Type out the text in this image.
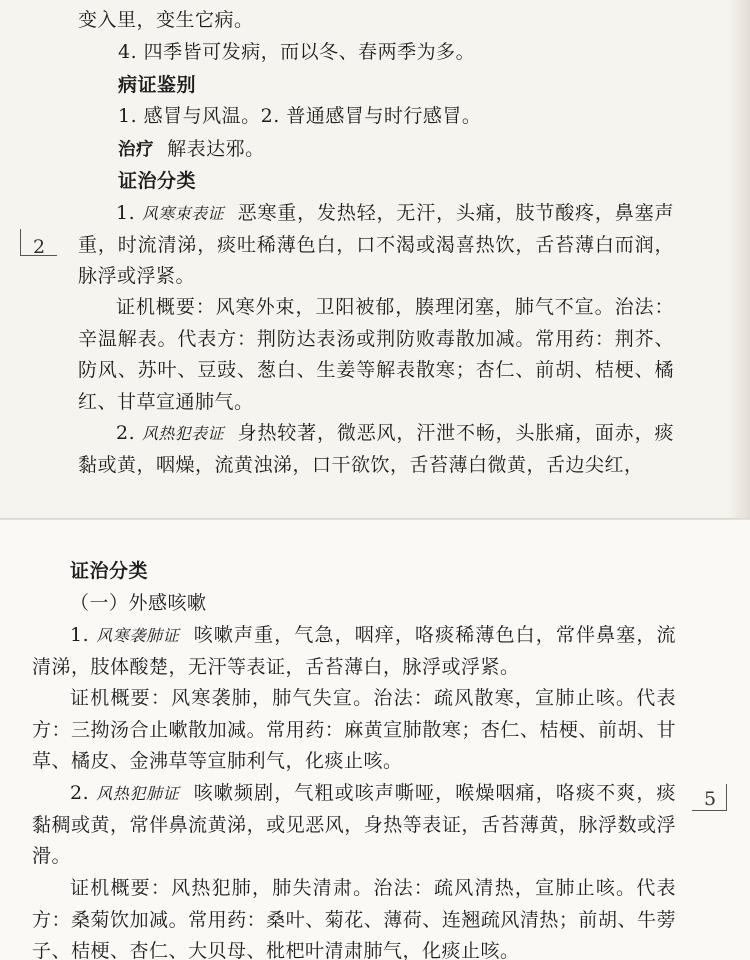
变入里，变生它病。

4. 四季皆可发病，而以冬、春两季为多。

病证鉴别

1. 感冒与风温。2. 普通感冒与时行感冒。

治疗 解表达邪。

证治分类

1. 风寒束表证 恶寒重，发热轻，无汗，头痛，肢节酸疼，鼻塞声重，时流清涕，痰吐稀薄色白，口不渴或渴喜热饮，舌苔薄白而润，脉浮或浮紧。

证机概要：风寒外束，卫阳被郁，腠理闭塞，肺气不宣。治法：辛温解表。代表方：荆防达表汤或荆防败毒散加减。常用药：荆芥、防风、苏叶、豆豉、葱白、生姜等解表散寒；杏仁、前胡、桔梗、橘红、甘草宣通肺气。

2. 风热犯表证 身热较著，微恶风，汗泄不畅，头胀痛，面赤，痰黏或黄，咽燥，流黄浊涕，口干欲饮，舌苔薄白微黄，舌边尖红，

2

证治分类

（一）外感咳嗽

1. 风寒袭肺证 咳嗽声重，气急，咽痒，咯痰稀薄色白，常伴鼻塞，流清涕，肢体酸楚，无汗等表证，舌苔薄白，脉浮或浮紧。

证机概要：风寒袭肺，肺气失宣。治法：疏风散寒，宣肺止咳。代表方：三拗汤合止嗽散加减。常用药：麻黄宣肺散寒；杏仁、桔梗、前胡、甘草、橘皮、金沸草等宣肺利气，化痰止咳。

2. 风热犯肺证 咳嗽频剧，气粗或咳声嘶哑，喉燥咽痛，咯痰不爽，痰黏稠或黄，常伴鼻流黄涕，或见恶风，身热等表证，舌苔薄黄，脉浮数或浮滑。

证机概要：风热犯肺，肺失清肃。治法：疏风清热，宣肺止咳。代表方：桑菊饮加减。常用药：桑叶、菊花、薄荷、连翘疏风清热；前胡、牛蒡子、桔梗、杏仁、大贝母、枇杷叶清肃肺气，化痰止咳。

5
